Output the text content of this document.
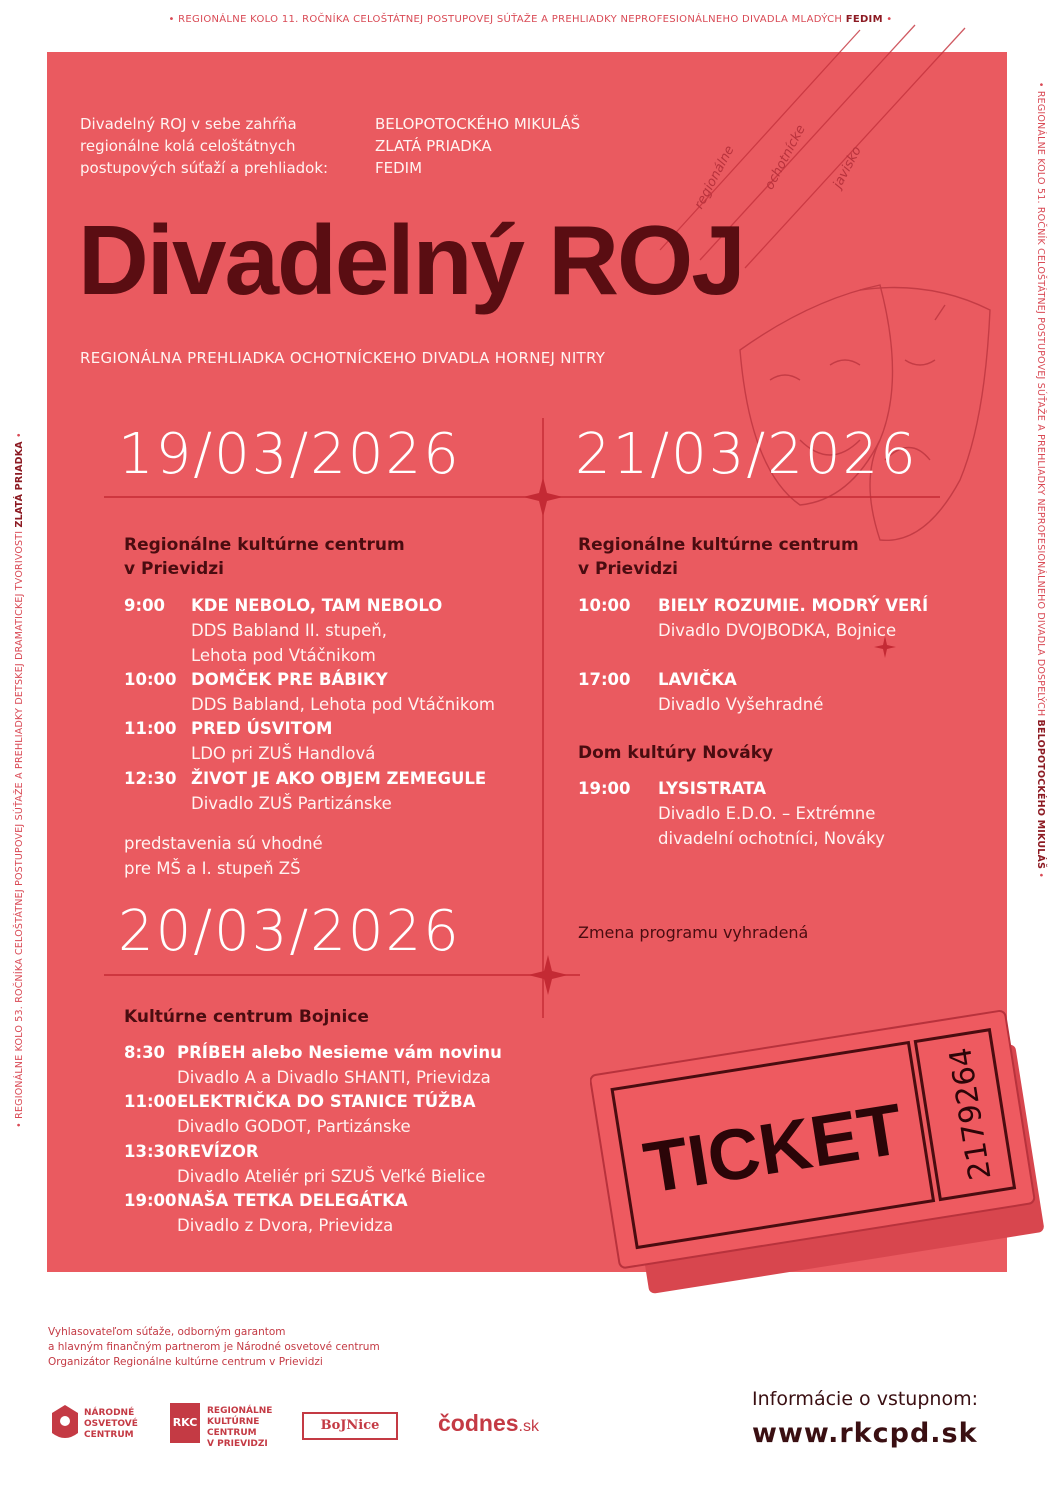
• REGIONÁLNE KOLO 11. ROČNÍKA CELOŠTÁTNEJ POSTUPOVEJ SÚŤAŽE A PREHLIADKY NEPROFESIONÁLNEHO DIVADLA MLADÝCH FEDIM •
• REGIONÁLNE KOLO 53. ROČNÍKA CELOŠTÁTNEJ POSTUPOVEJ SÚŤAŽE A PREHLIADKY DETSKEJ DRAMATICKEJ TVORIVOSTI ZLATÁ PRIADKA •	• REGIONÁLNE KOLO 51. ROČNÍK CELOŠTÁTNEJ POSTUPOVEJ SÚŤAŽE A PREHLIADKY NEPROFESIONÁLNEHO DIVADLA DOSPELÝCH BELOPOTOCKÉHO MIKULÁŠ •
Divadelný ROJ v sebe zahŕňa
regionálne kolá celoštátnych
postupových súťaží a prehliadok:
BELOPOTOCKÉHO MIKULÁŠ
ZLATÁ PRIADKA
FEDIM	regionálne ochotnícke javisko
Divadelný ROJ
REGIONÁLNA PREHLIADKA OCHOTNÍCKEHO DIVADLA HORNEJ NITRY
19/03/2026
Regionálne kultúrne centrum
v Prievidzi
9:00 KDE NEBOLO, TAM NEBOLO
DDS Babland II. stupeň,
Lehota pod Vtáčnikom
10:00 DOMČEK PRE BÁBIKY
DDS Babland, Lehota pod Vtáčnikom
11:00 PRED ÚSVITOM
LDO pri ZUŠ Handlová
12:30 ŽIVOT JE AKO OBJEM ZEMEGULE
Divadlo ZUŠ Partizánske
predstavenia sú vhodné
pre MŠ a I. stupeň ZŠ
20/03/2026
Kultúrne centrum Bojnice
8:30 PRÍBEH alebo Nesieme vám novinu
Divadlo A a Divadlo SHANTI, Prievidza
11:00 ELEKTRIČKA DO STANICE TÚŽBA
Divadlo GODOT, Partizánske
13:30 REVÍZOR
Divadlo Ateliér pri SZUŠ Veľké Bielice
19:00 NAŠA TETKA DELEGÁTKA
Divadlo z Dvora, Prievidza
21/03/2026
Regionálne kultúrne centrum
v Prievidzi
10:00 BIELY ROZUMIE. MODRÝ VERÍ
Divadlo DVOJBODKA, Bojnice
17:00 LAVIČKA
Divadlo Vyšehradné
Dom kultúry Nováky
19:00 LYSISTRATA
Divadlo E.D.O. – Extrémne
divadelní ochotníci, Nováky
Zmena programu vyhradená
TICKET 2179264
Vyhlasovateľom súťaže, odborným garantom
a hlavným finančným partnerom je Národné osvetové centrum
Organizátor Regionálne kultúrne centrum v Prievidzi
NÁRODNÉ
OSVETOVÉ
CENTRUM
RKC
REGIONÁLNE
KULTÚRNE
CENTRUM
V PRIEVIDZI
BoJNice	čodnes.sk
Informácie o vstupnom:
www.rkcpd.sk
